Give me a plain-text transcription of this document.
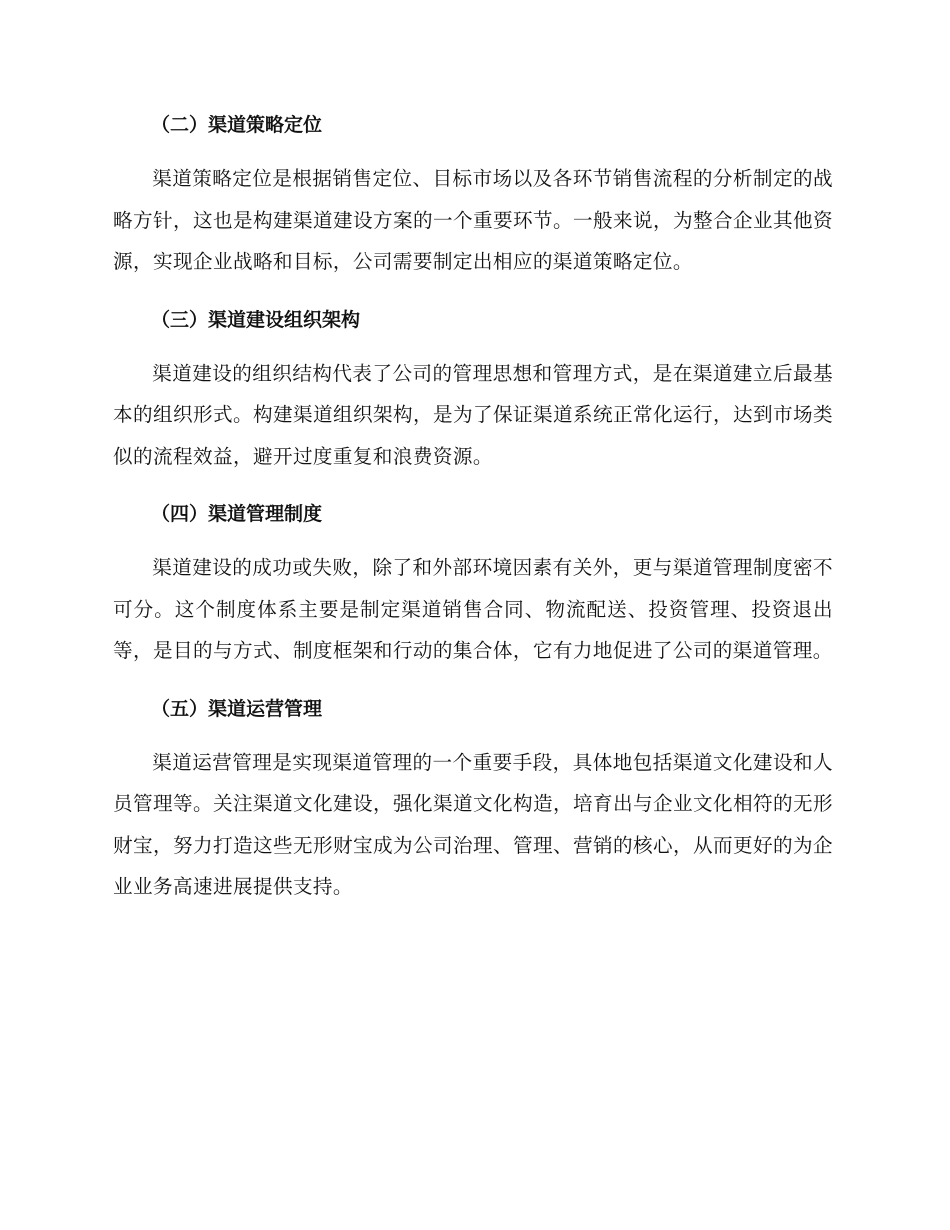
（二）渠道策略定位

渠道策略定位是根据销售定位、目标市场以及各环节销售流程的分析制定的战略方针，这也是构建渠道建设方案的一个重要环节。一般来说，为整合企业其他资源，实现企业战略和目标，公司需要制定出相应的渠道策略定位。

（三）渠道建设组织架构

渠道建设的组织结构代表了公司的管理思想和管理方式，是在渠道建立后最基本的组织形式。构建渠道组织架构，是为了保证渠道系统正常化运行，达到市场类似的流程效益，避开过度重复和浪费资源。

（四）渠道管理制度

渠道建设的成功或失败，除了和外部环境因素有关外，更与渠道管理制度密不可分。这个制度体系主要是制定渠道销售合同、物流配送、投资管理、投资退出等，是目的与方式、制度框架和行动的集合体，它有力地促进了公司的渠道管理。

（五）渠道运营管理

渠道运营管理是实现渠道管理的一个重要手段，具体地包括渠道文化建设和人员管理等。关注渠道文化建设，强化渠道文化构造，培育出与企业文化相符的无形财宝，努力打造这些无形财宝成为公司治理、管理、营销的核心，从而更好的为企业业务高速进展提供支持。
